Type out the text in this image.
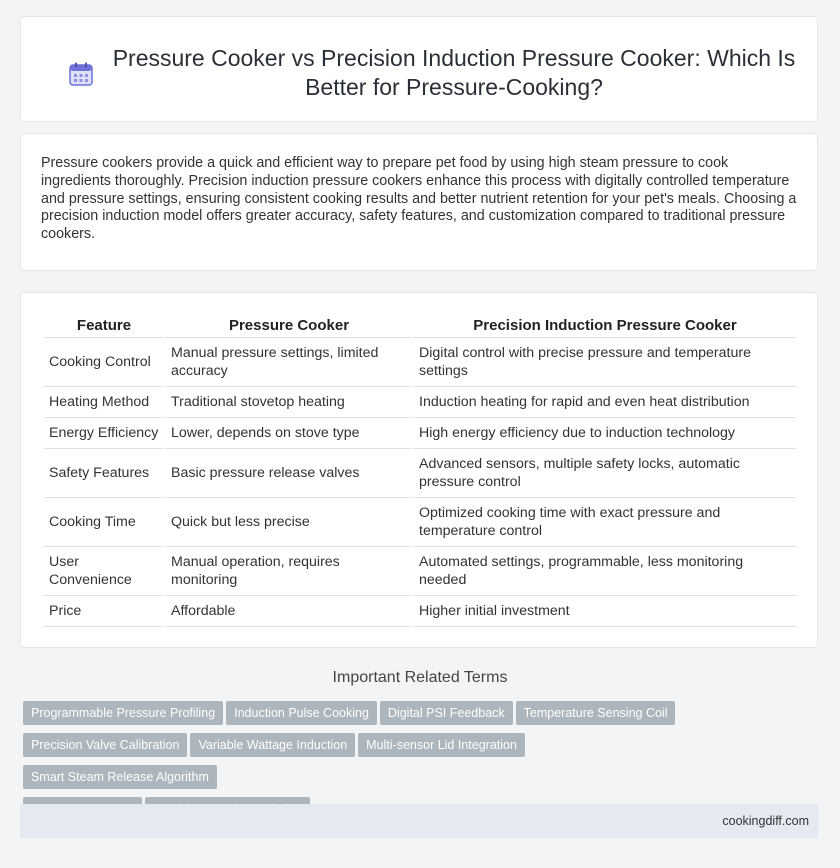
Pressure Cooker vs Precision Induction Pressure Cooker: Which Is Better for Pressure-Cooking?

Pressure cookers provide a quick and efficient way to prepare pet food by using high steam pressure to cook ingredients thoroughly. Precision induction pressure cookers enhance this process with digitally controlled temperature and pressure settings, ensuring consistent cooking results and better nutrient retention for your pet's meals. Choosing a precision induction model offers greater accuracy, safety features, and customization compared to traditional pressure cookers.

Feature	Pressure Cooker	Precision Induction Pressure Cooker
Cooking Control	Manual pressure settings, limited accuracy	Digital control with precise pressure and temperature settings
Heating Method	Traditional stovetop heating	Induction heating for rapid and even heat distribution
Energy Efficiency	Lower, depends on stove type	High energy efficiency due to induction technology
Safety Features	Basic pressure release valves	Advanced sensors, multiple safety locks, automatic pressure control
Cooking Time	Quick but less precise	Optimized cooking time with exact pressure and temperature control
User Convenience	Manual operation, requires monitoring	Automated settings, programmable, less monitoring needed
Price	Affordable	Higher initial investment
Important Related Terms
Programmable Pressure Profiling Induction Pulse Cooking Digital PSI Feedback Temperature Sensing Coil
Precision Valve Calibration Variable Wattage Induction Multi-sensor Lid IntegrationSmart Steam Release Algorithm

cookingdiff.com
